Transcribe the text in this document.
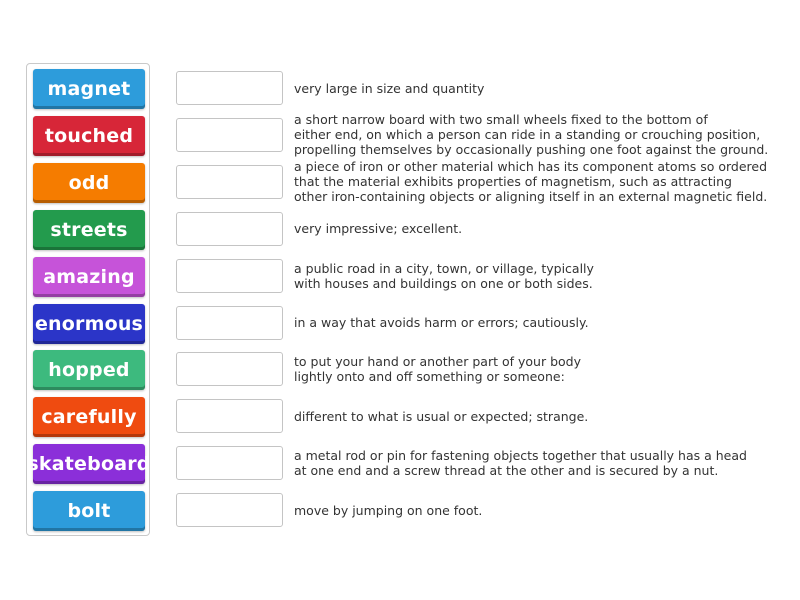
magnet
touched
odd
streets
amazing
enormous
hopped
carefully
skateboard
bolt
very large in size and quantity
a short narrow board with two small wheels fixed to the bottom of
either end, on which a person can ride in a standing or crouching position,
propelling themselves by occasionally pushing one foot against the ground.
a piece of iron or other material which has its component atoms so ordered
that the material exhibits properties of magnetism, such as attracting
other iron-containing objects or aligning itself in an external magnetic field.
very impressive; excellent.
a public road in a city, town, or village, typically
with houses and buildings on one or both sides.
in a way that avoids harm or errors; cautiously.
to put your hand or another part of your body
lightly onto and off something or someone:
different to what is usual or expected; strange.
a metal rod or pin for fastening objects together that usually has a head
at one end and a screw thread at the other and is secured by a nut.
move by jumping on one foot.
